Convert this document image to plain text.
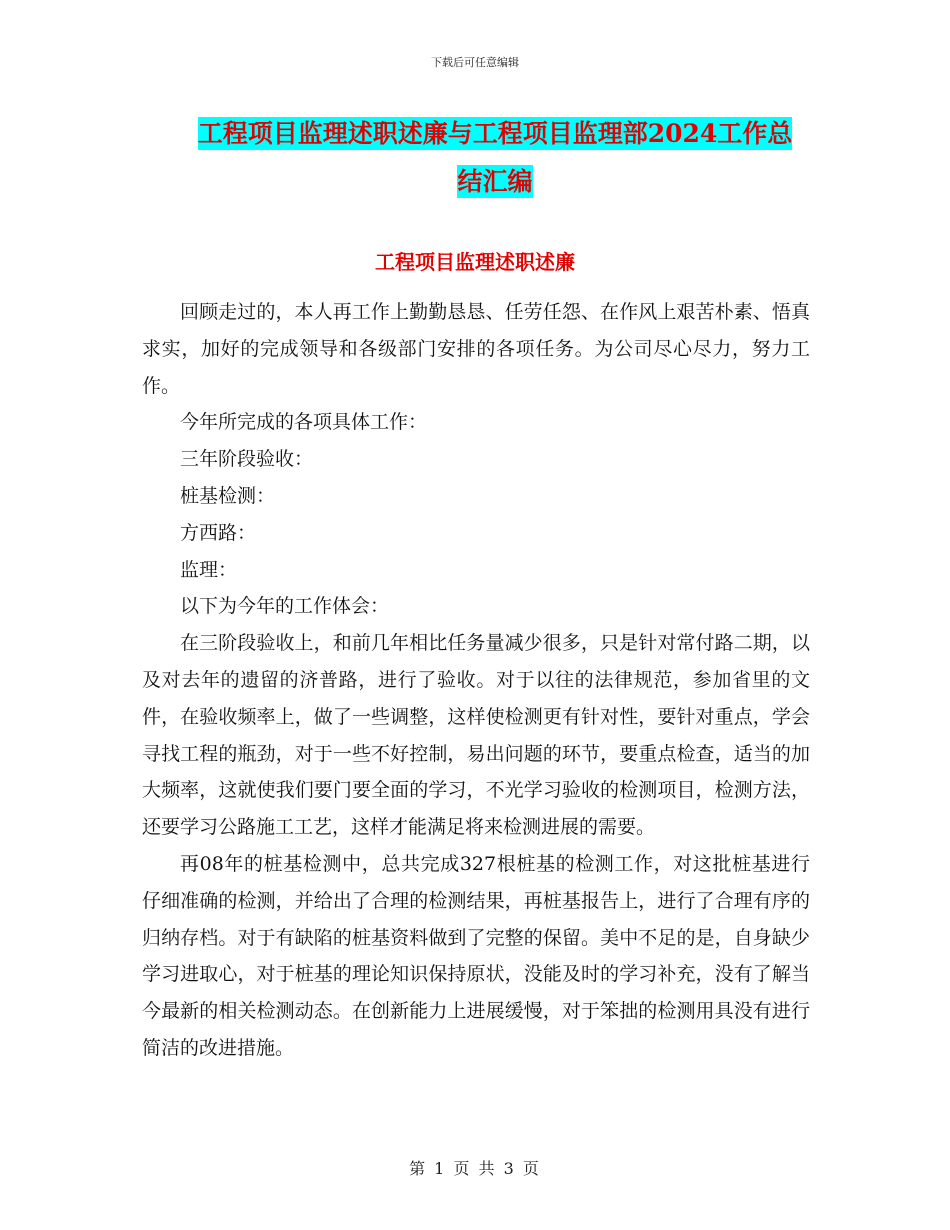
下载后可任意编辑
工程项目监理述职述廉与工程项目监理部2024工作总
结汇编
工程项目监理述职述廉

回顾走过的，本人再工作上勤勤恳恳、任劳任怨、在作风上艰苦朴素、悟真求实，加好的完成领导和各级部门安排的各项任务。为公司尽心尽力，努力工作。

今年所完成的各项具体工作：

三年阶段验收：

桩基检测：

方西路：

监理：

以下为今年的工作体会：

在三阶段验收上，和前几年相比任务量减少很多，只是针对常付路二期，以及对去年的遗留的济普路，进行了验收。对于以往的法律规范，参加省里的文件，在验收频率上，做了一些调整，这样使检测更有针对性，要针对重点，学会寻找工程的瓶劲，对于一些不好控制，易出问题的环节，要重点检查，适当的加大频率，这就使我们要门要全面的学习，不光学习验收的检测项目，检测方法，还要学习公路施工工艺，这样才能满足将来检测进展的需要。

再08年的桩基检测中，总共完成327根桩基的检测工作，对这批桩基进行仔细准确的检测，并给出了合理的检测结果，再桩基报告上，进行了合理有序的归纳存档。对于有缺陷的桩基资料做到了完整的保留。美中不足的是，自身缺少学习进取心，对于桩基的理论知识保持原状，没能及时的学习补充，没有了解当今最新的相关检测动态。在创新能力上进展缓慢，对于笨拙的检测用具没有进行简洁的改进措施。

第 1 页 共 3 页
